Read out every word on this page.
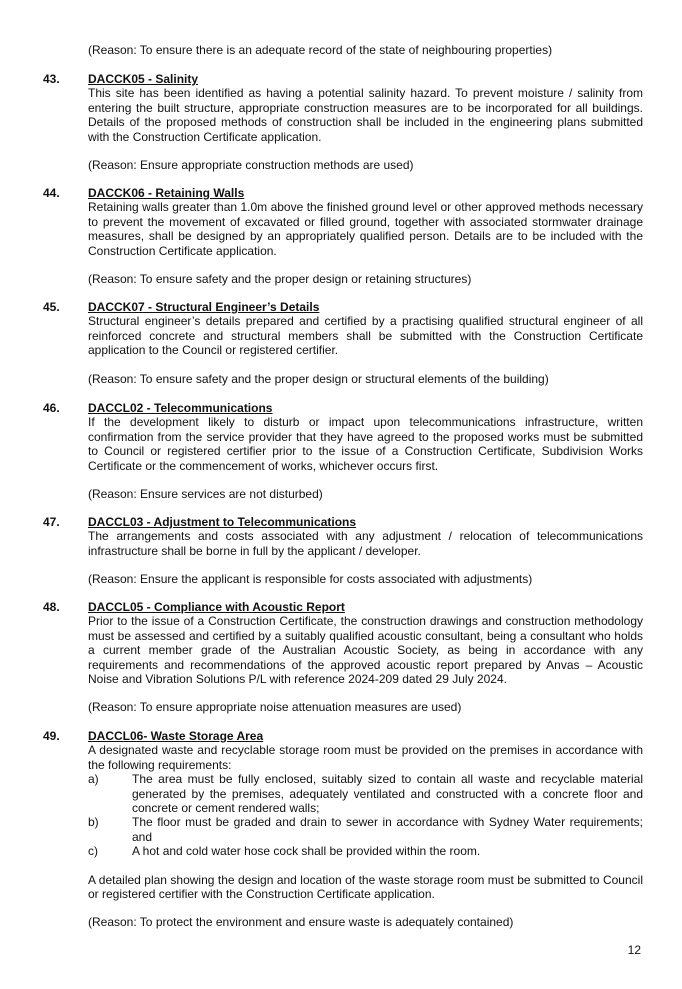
(Reason: To ensure there is an adequate record of the state of neighbouring properties)

43. DACCK05 - Salinity

This site has been identified as having a potential salinity hazard. To prevent moisture / salinity from entering the built structure, appropriate construction measures are to be incorporated for all buildings. Details of the proposed methods of construction shall be included in the engineering plans submitted with the Construction Certificate application.

(Reason: Ensure appropriate construction methods are used)

44. DACCK06 - Retaining Walls

Retaining walls greater than 1.0m above the finished ground level or other approved methods necessary to prevent the movement of excavated or filled ground, together with associated stormwater drainage measures, shall be designed by an appropriately qualified person. Details are to be included with the Construction Certificate application.

(Reason: To ensure safety and the proper design or retaining structures)

45. DACCK07 - Structural Engineer’s Details

Structural engineer’s details prepared and certified by a practising qualified structural engineer of all reinforced concrete and structural members shall be submitted with the Construction Certificate application to the Council or registered certifier.

(Reason: To ensure safety and the proper design or structural elements of the building)

46. DACCL02 - Telecommunications

If the development likely to disturb or impact upon telecommunications infrastructure, written confirmation from the service provider that they have agreed to the proposed works must be submitted to Council or registered certifier prior to the issue of a Construction Certificate, Subdivision Works Certificate or the commencement of works, whichever occurs first.

(Reason: Ensure services are not disturbed)

47. DACCL03 - Adjustment to Telecommunications

The arrangements and costs associated with any adjustment / relocation of telecommunications infrastructure shall be borne in full by the applicant / developer.

(Reason: Ensure the applicant is responsible for costs associated with adjustments)

48. DACCL05 - Compliance with Acoustic Report

Prior to the issue of a Construction Certificate, the construction drawings and construction methodology must be assessed and certified by a suitably qualified acoustic consultant, being a consultant who holds a current member grade of the Australian Acoustic Society, as being in accordance with any requirements and recommendations of the approved acoustic report prepared by Anvas – Acoustic Noise and Vibration Solutions P/L with reference 2024-209 dated 29 July 2024.

(Reason: To ensure appropriate noise attenuation measures are used)

49. DACCL06- Waste Storage Area

A designated waste and recyclable storage room must be provided on the premises in accordance with the following requirements:

a)	The area must be fully enclosed, suitably sized to contain all waste and recyclable material generated by the premises, adequately ventilated and constructed with a concrete floor and concrete or cement rendered walls;
b)	The floor must be graded and drain to sewer in accordance with Sydney Water requirements; and
c)	A hot and cold water hose cock shall be provided within the room.

A detailed plan showing the design and location of the waste storage room must be submitted to Council or registered certifier with the Construction Certificate application.

(Reason: To protect the environment and ensure waste is adequately contained)

12
